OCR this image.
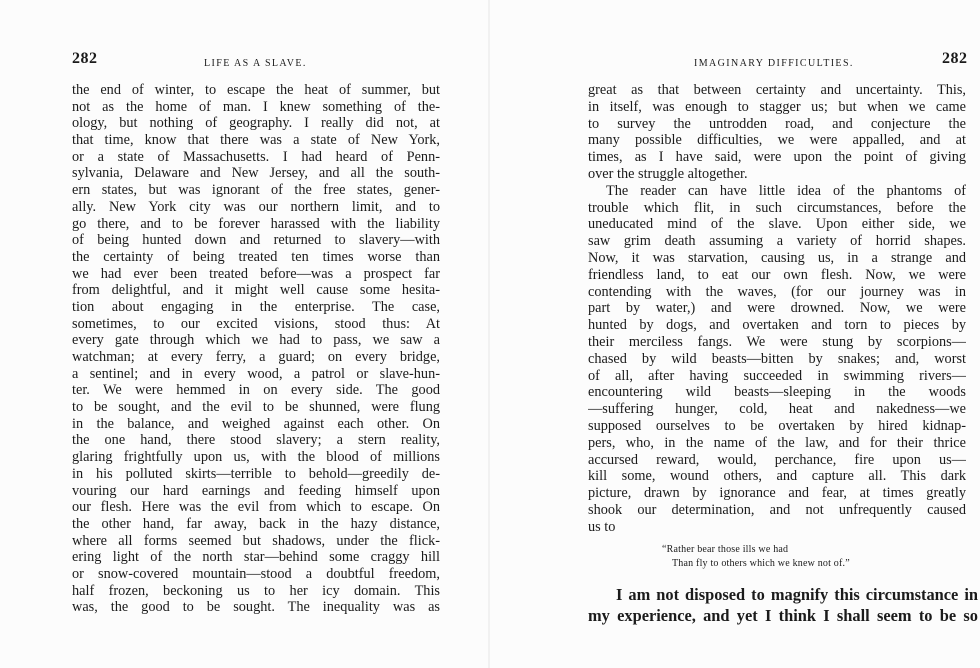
282	LIFE AS A SLAVE.
the end of winter, to escape the heat of summer, but
not as the home of man. I knew something of the-
ology, but nothing of geography. I really did not, at
that time, know that there was a state of New York,
or a state of Massachusetts. I had heard of Penn-
sylvania, Delaware and New Jersey, and all the south-
ern states, but was ignorant of the free states, gener-
ally. New York city was our northern limit, and to
go there, and to be forever harassed with the liability
of being hunted down and returned to slavery—with
the certainty of being treated ten times worse than
we had ever been treated before—was a prospect far
from delightful, and it might well cause some hesita-
tion about engaging in the enterprise. The case,
sometimes, to our excited visions, stood thus: At
every gate through which we had to pass, we saw a
watchman; at every ferry, a guard; on every bridge,
a sentinel; and in every wood, a patrol or slave-hun-
ter. We were hemmed in on every side. The good
to be sought, and the evil to be shunned, were flung
in the balance, and weighed against each other. On
the one hand, there stood slavery; a stern reality,
glaring frightfully upon us, with the blood of millions
in his polluted skirts—terrible to behold—greedily de-
vouring our hard earnings and feeding himself upon
our flesh. Here was the evil from which to escape. On
the other hand, far away, back in the hazy distance,
where all forms seemed but shadows, under the flick-
ering light of the north star—behind some craggy hill
or snow-covered mountain—stood a doubtful freedom,
half frozen, beckoning us to her icy domain. This
was, the good to be sought. The inequality was as
IMAGINARY DIFFICULTIES.	282
great as that between certainty and uncertainty. This,
in itself, was enough to stagger us; but when we came
to survey the untrodden road, and conjecture the
many possible difficulties, we were appalled, and at
times, as I have said, were upon the point of giving
over the struggle altogether.
The reader can have little idea of the phantoms of
trouble which flit, in such circumstances, before the
uneducated mind of the slave. Upon either side, we
saw grim death assuming a variety of horrid shapes.
Now, it was starvation, causing us, in a strange and
friendless land, to eat our own flesh. Now, we were
contending with the waves, (for our journey was in
part by water,) and were drowned. Now, we were
hunted by dogs, and overtaken and torn to pieces by
their merciless fangs. We were stung by scorpions—
chased by wild beasts—bitten by snakes; and, worst
of all, after having succeeded in swimming rivers—
encountering wild beasts—sleeping in the woods
—suffering hunger, cold, heat and nakedness—we
supposed ourselves to be overtaken by hired kidnap-
pers, who, in the name of the law, and for their thrice
accursed reward, would, perchance, fire upon us—
kill some, wound others, and capture all. This dark
picture, drawn by ignorance and fear, at times greatly
shook our determination, and not unfrequently caused
us to
“Rather bear those ills we had
Than fly to others which we knew not of.”
I am not disposed to magnify this circumstance in
my experience, and yet I think I shall seem to be so
